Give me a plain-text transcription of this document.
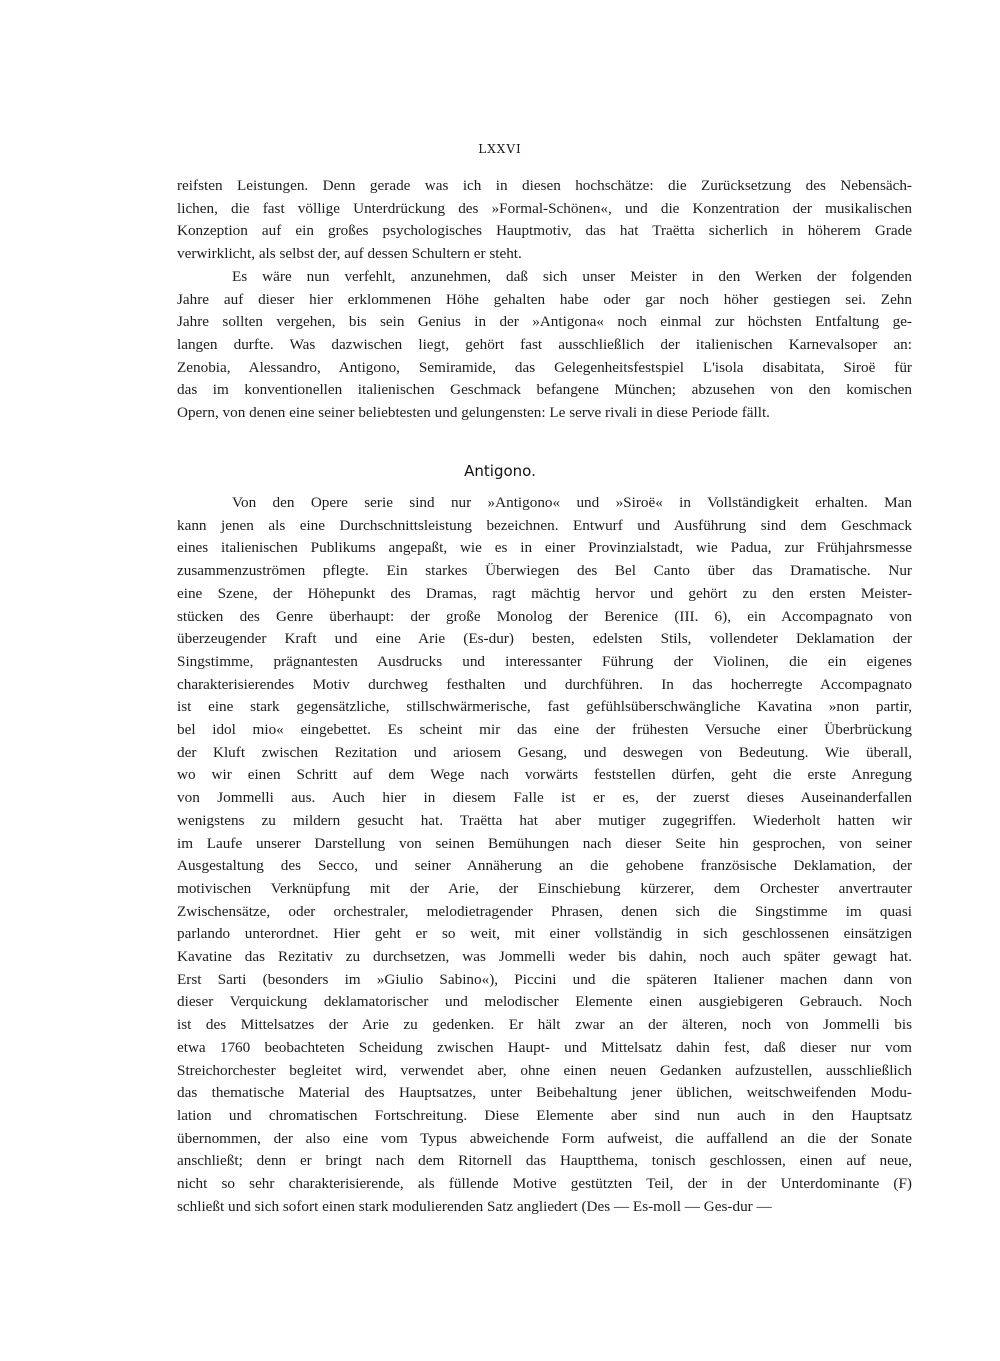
LXXVI
reifsten Leistungen. Denn gerade was ich in diesen hochschätze: die Zurücksetzung des Nebensäch-
lichen, die fast völlige Unterdrückung des »Formal-Schönen«, und die Konzentration der musikalischen
Konzeption auf ein großes psychologisches Hauptmotiv, das hat Traëtta sicherlich in höherem Grade
verwirklicht, als selbst der, auf dessen Schultern er steht.
Es wäre nun verfehlt, anzunehmen, daß sich unser Meister in den Werken der folgenden
Jahre auf dieser hier erklommenen Höhe gehalten habe oder gar noch höher gestiegen sei. Zehn
Jahre sollten vergehen, bis sein Genius in der »Antigona« noch einmal zur höchsten Entfaltung ge-
langen durfte. Was dazwischen liegt, gehört fast ausschließlich der italienischen Karnevalsoper an:
Zenobia, Alessandro, Antigono, Semiramide, das Gelegenheitsfestspiel L'isola disabitata, Siroë für
das im konventionellen italienischen Geschmack befangene München; abzusehen von den komischen
Opern, von denen eine seiner beliebtesten und gelungensten: Le serve rivali in diese Periode fällt.
Antigono.
Von den Opere serie sind nur »Antigono« und »Siroë« in Vollständigkeit erhalten. Man
kann jenen als eine Durchschnittsleistung bezeichnen. Entwurf und Ausführung sind dem Geschmack
eines italienischen Publikums angepaßt, wie es in einer Provinzialstadt, wie Padua, zur Frühjahrsmesse
zusammenzuströmen pflegte. Ein starkes Überwiegen des Bel Canto über das Dramatische. Nur
eine Szene, der Höhepunkt des Dramas, ragt mächtig hervor und gehört zu den ersten Meister-
stücken des Genre überhaupt: der große Monolog der Berenice (III. 6), ein Accompagnato von
überzeugender Kraft und eine Arie (Es-dur) besten, edelsten Stils, vollendeter Deklamation der
Singstimme, prägnantesten Ausdrucks und interessanter Führung der Violinen, die ein eigenes
charakterisierendes Motiv durchweg festhalten und durchführen. In das hocherregte Accompagnato
ist eine stark gegensätzliche, stillschwärmerische, fast gefühlsüberschwängliche Kavatina »non partir,
bel idol mio« eingebettet. Es scheint mir das eine der frühesten Versuche einer Überbrückung
der Kluft zwischen Rezitation und ariosem Gesang, und deswegen von Bedeutung. Wie überall,
wo wir einen Schritt auf dem Wege nach vorwärts feststellen dürfen, geht die erste Anregung
von Jommelli aus. Auch hier in diesem Falle ist er es, der zuerst dieses Auseinanderfallen
wenigstens zu mildern gesucht hat. Traëtta hat aber mutiger zugegriffen. Wiederholt hatten wir
im Laufe unserer Darstellung von seinen Bemühungen nach dieser Seite hin gesprochen, von seiner
Ausgestaltung des Secco, und seiner Annäherung an die gehobene französische Deklamation, der
motivischen Verknüpfung mit der Arie, der Einschiebung kürzerer, dem Orchester anvertrauter
Zwischensätze, oder orchestraler, melodietragender Phrasen, denen sich die Singstimme im quasi
parlando unterordnet. Hier geht er so weit, mit einer vollständig in sich geschlossenen einsätzigen
Kavatine das Rezitativ zu durchsetzen, was Jommelli weder bis dahin, noch auch später gewagt hat.
Erst Sarti (besonders im »Giulio Sabino«), Piccini und die späteren Italiener machen dann von
dieser Verquickung deklamatorischer und melodischer Elemente einen ausgiebigeren Gebrauch. Noch
ist des Mittelsatzes der Arie zu gedenken. Er hält zwar an der älteren, noch von Jommelli bis
etwa 1760 beobachteten Scheidung zwischen Haupt- und Mittelsatz dahin fest, daß dieser nur vom
Streichorchester begleitet wird, verwendet aber, ohne einen neuen Gedanken aufzustellen, ausschließlich
das thematische Material des Hauptsatzes, unter Beibehaltung jener üblichen, weitschweifenden Modu-
lation und chromatischen Fortschreitung. Diese Elemente aber sind nun auch in den Hauptsatz
übernommen, der also eine vom Typus abweichende Form aufweist, die auffallend an die der Sonate
anschließt; denn er bringt nach dem Ritornell das Hauptthema, tonisch geschlossen, einen auf neue,
nicht so sehr charakterisierende, als füllende Motive gestützten Teil, der in der Unterdominante (F)
schließt und sich sofort einen stark modulierenden Satz angliedert (Des — Es-moll — Ges-dur —
